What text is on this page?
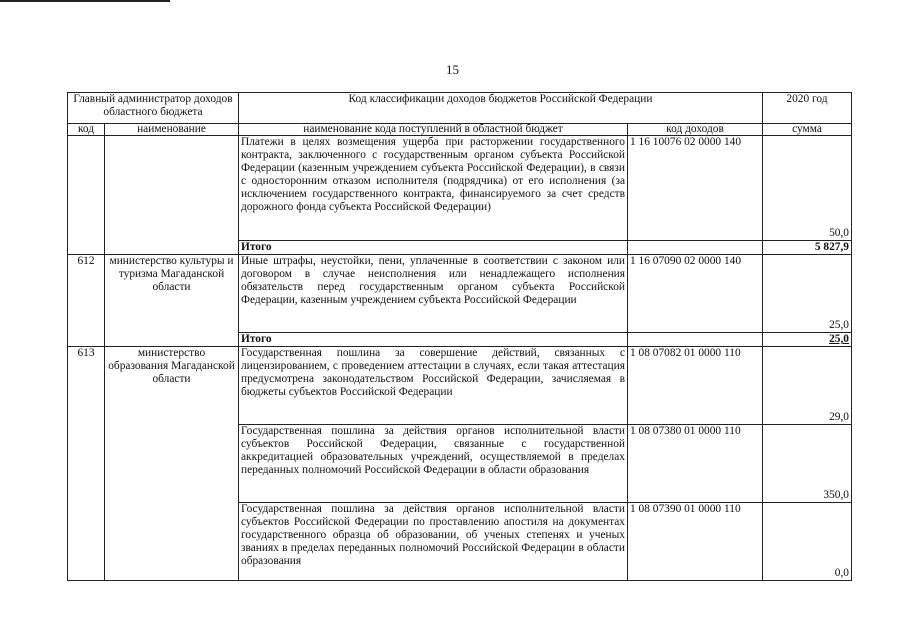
15
Главный администратор доходов областного бюджета		Код классификации доходов бюджетов Российской Федерации		2020 год
код	наименование	наименование кода поступлений в областной бюджет	код доходов	сумма
		Платежи в целях возмещения ущерба при расторжении государственного контракта, заключенного с государственным органом субъекта Российской Федерации (казенным учреждением субъекта Российской Федерации), в связи с односторонним отказом исполнителя (подрядчика) от его исполнения (за исключением государственного контракта, финансируемого за счет средств дорожного фонда субъекта Российской Федерации)	1 16 10076 02 0000 140	50,0
		Итого		5 827,9
612	министерство культуры и туризма Магаданской области	Иные штрафы, неустойки, пени, уплаченные в соответствии с законом или договором в случае неисполнения или ненадлежащего исполнения обязательств перед государственным органом субъекта Российской Федерации, казенным учреждением субъекта Российской Федерации	1 16 07090 02 0000 140	25,0
		Итого		25,0
613	министерство образования Магаданской области	Государственная пошлина за совершение действий, связанных с лицензированием, с проведением аттестации в случаях, если такая аттестация предусмотрена законодательством Российской Федерации, зачисляемая в бюджеты субъектов Российской Федерации	1 08 07082 01 0000 110	29,0
		Государственная пошлина за действия органов исполнительной власти субъектов Российской Федерации, связанные с государственной аккредитацией образовательных учреждений, осуществляемой в пределах переданных полномочий Российской Федерации в области образования	1 08 07380 01 0000 110	350,0
		Государственная пошлина за действия органов исполнительной власти субъектов Российской Федерации по проставлению апостиля на документах государственного образца об образовании, об ученых степенях и ученых званиях в пределах переданных полномочий Российской Федерации в области образования	1 08 07390 01 0000 110	0,0
